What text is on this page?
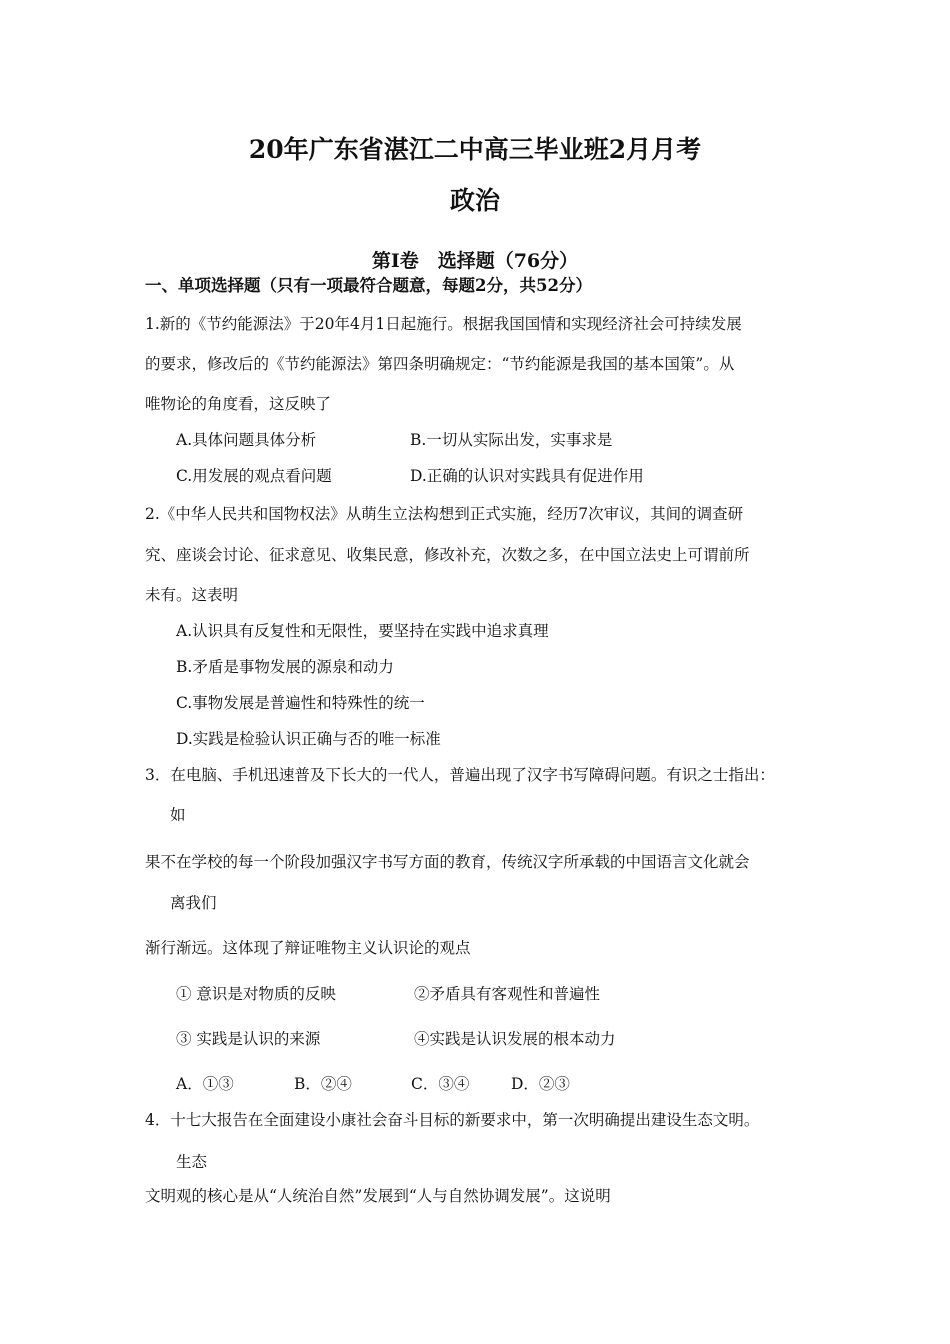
20年广东省湛江二中高三毕业班2月月考
政治
第Ⅰ卷　选择题（76分）
一、单项选择题（只有一项最符合题意，每题2分，共52分）
1.新的《节约能源法》于20年4月1日起施行。根据我国国情和实现经济社会可持续发展
的要求，修改后的《节约能源法》第四条明确规定：“节约能源是我国的基本国策”。从
唯物论的角度看，这反映了
A.具体问题具体分析	B.一切从实际出发，实事求是
C.用发展的观点看问题	D.正确的认识对实践具有促进作用
2.《中华人民共和国物权法》从萌生立法构想到正式实施，经历7次审议，其间的调查研
究、座谈会讨论、征求意见、收集民意，修改补充，次数之多，在中国立法史上可谓前所
未有。这表明
A.认识具有反复性和无限性，要坚持在实践中追求真理
B.矛盾是事物发展的源泉和动力
C.事物发展是普遍性和特殊性的统一
D.实践是检验认识正确与否的唯一标准
3．在电脑、手机迅速普及下长大的一代人，普遍出现了汉字书写障碍问题。有识之士指出：
如
果不在学校的每一个阶段加强汉字书写方面的教育，传统汉字所承载的中国语言文化就会
离我们
渐行渐远。这体现了辩证唯物主义认识论的观点
① 意识是对物质的反映	②矛盾具有客观性和普遍性
③ 实践是认识的来源	④实践是认识发展的根本动力
A．①③	B．②④	C．③④	D．②③
4．十七大报告在全面建设小康社会奋斗目标的新要求中，第一次明确提出建设生态文明。
生态
文明观的核心是从“人统治自然”发展到“人与自然协调发展”。这说明
